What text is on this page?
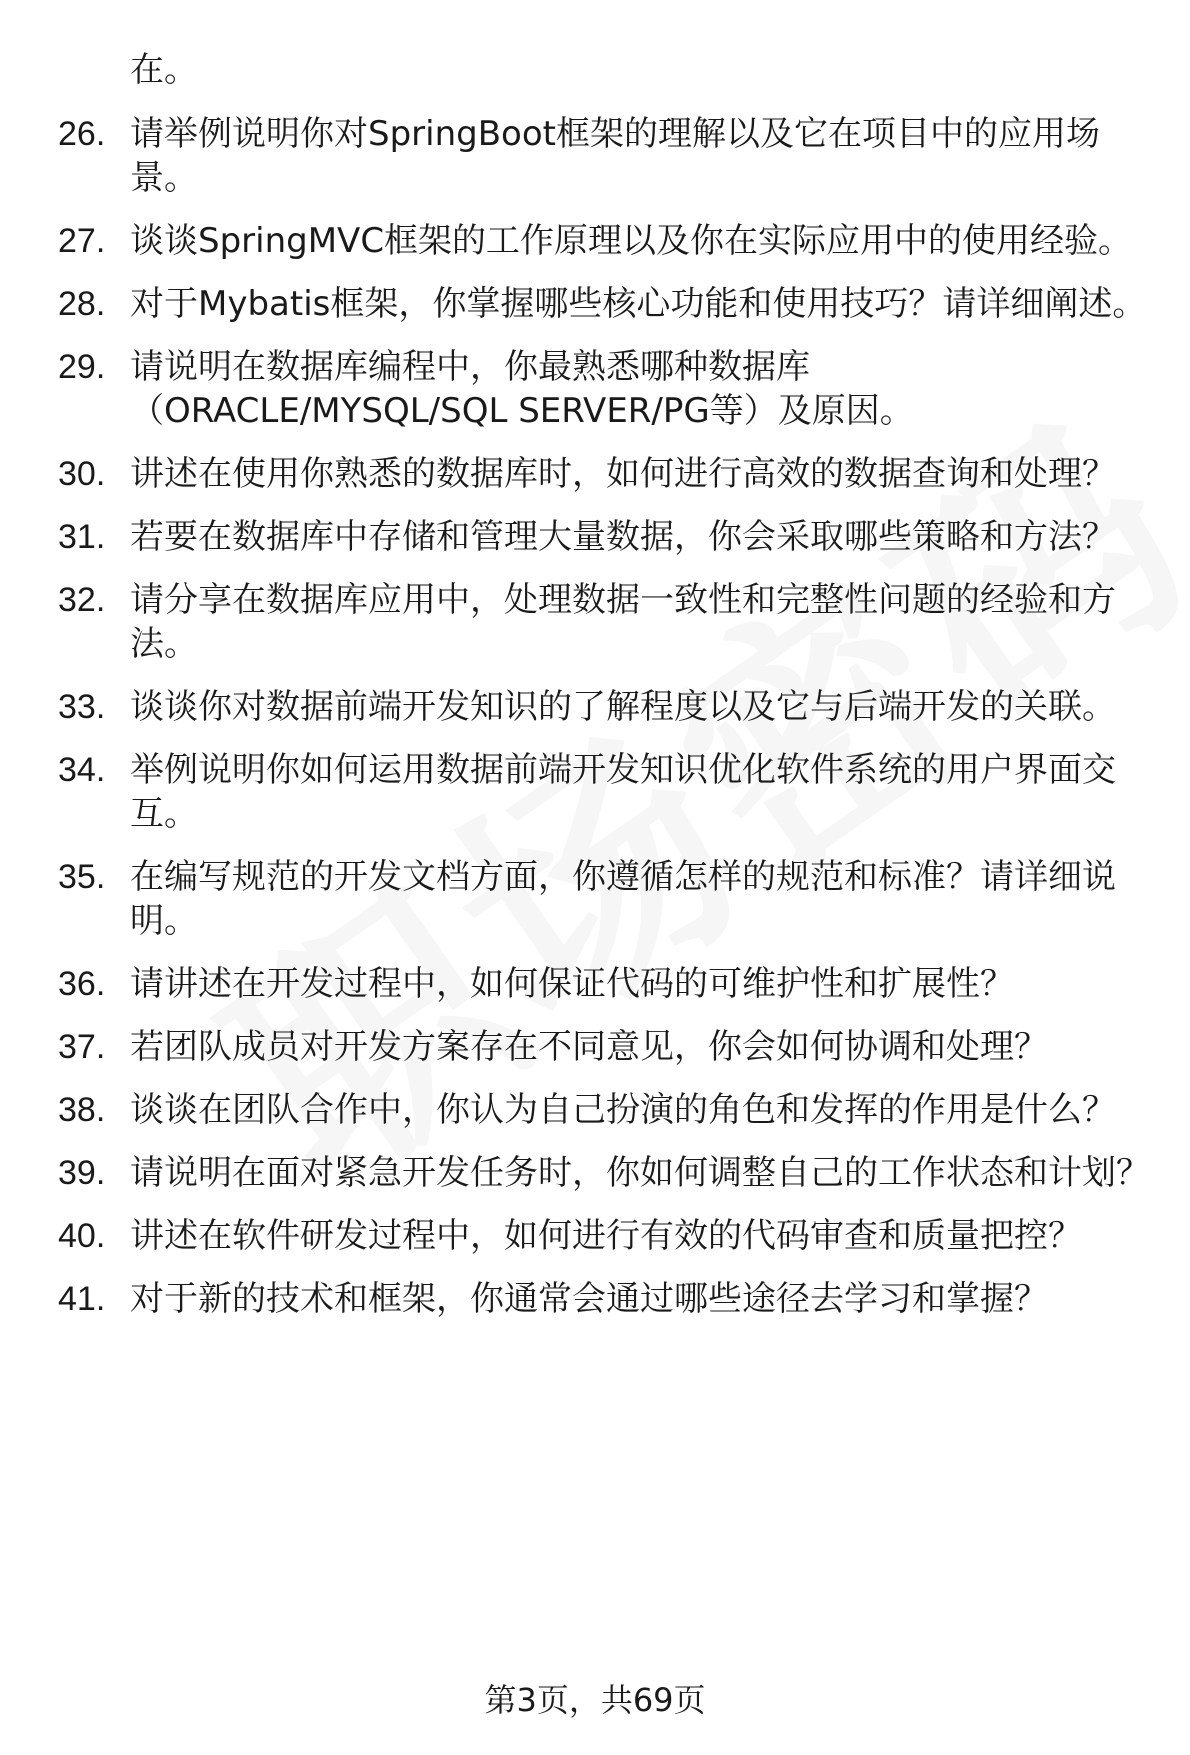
在。
26. 请举例说明你对SpringBoot框架的理解以及它在项目中的应用场景。
27. 谈谈SpringMVC框架的工作原理以及你在实际应用中的使用经验。
28. 对于Mybatis框架，你掌握哪些核心功能和使用技巧？请详细阐述。
29. 请说明在数据库编程中，你最熟悉哪种数据库（ORACLE/MYSQL/SQL SERVER/PG等）及原因。
30. 讲述在使用你熟悉的数据库时，如何进行高效的数据查询和处理？
31. 若要在数据库中存储和管理大量数据，你会采取哪些策略和方法？
32. 请分享在数据库应用中，处理数据一致性和完整性问题的经验和方法。
33. 谈谈你对数据前端开发知识的了解程度以及它与后端开发的关联。
34. 举例说明你如何运用数据前端开发知识优化软件系统的用户界面交互。
35. 在编写规范的开发文档方面，你遵循怎样的规范和标准？请详细说明。
36. 请讲述在开发过程中，如何保证代码的可维护性和扩展性？
37. 若团队成员对开发方案存在不同意见，你会如何协调和处理？
38. 谈谈在团队合作中，你认为自己扮演的角色和发挥的作用是什么？
39. 请说明在面对紧急开发任务时，你如何调整自己的工作状态和计划？
40. 讲述在软件研发过程中，如何进行有效的代码审查和质量把控？
41. 对于新的技术和框架，你通常会通过哪些途径去学习和掌握？
第3页，共69页
